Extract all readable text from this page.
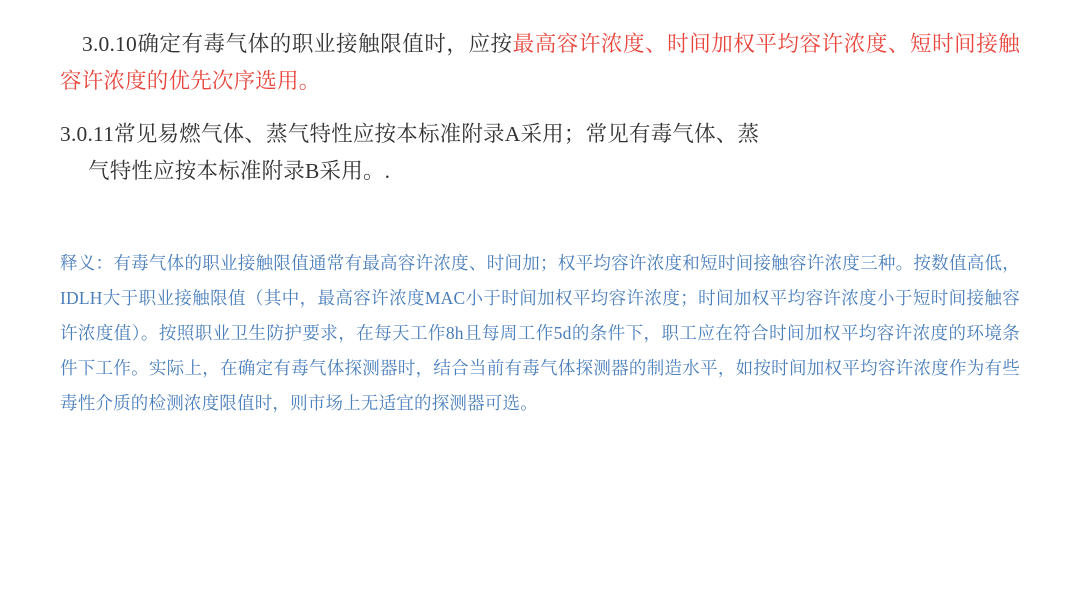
3.0.10确定有毒气体的职业接触限值时，应按最高容许浓度、时间加权平均容许浓度、短时间接触容许浓度的优先次序选用。

3.0.11常见易燃气体、蒸气特性应按本标准附录A采用；常见有毒气体、蒸
气特性应按本标准附录B采用。.

释义：有毒气体的职业接触限值通常有最高容许浓度、时间加；权平均容许浓度和短时间接触容许浓度三种。按数值高低，IDLH大于职业接触限值（其中，最高容许浓度MAC小于时间加权平均容许浓度；时间加权平均容许浓度小于短时间接触容许浓度值）。按照职业卫生防护要求，在每天工作8h且每周工作5d的条件下，职工应在符合时间加权平均容许浓度的环境条件下工作。实际上，在确定有毒气体探测器时，结合当前有毒气体探测器的制造水平，如按时间加权平均容许浓度作为有些毒性介质的检测浓度限值时，则市场上无适宜的探测器可选。
